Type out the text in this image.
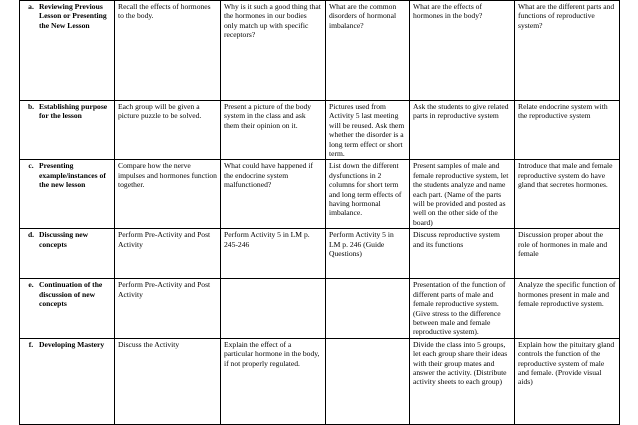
a. Reviewing Previous Lesson or Presenting the New Lesson	Recall the effects of hormones to the body.	Why is it such a good thing that the hormones in our bodies only match up with specific receptors?	What are the common disorders of hormonal imbalance?	What are the effects of hormones in the body?	What are the different parts and functions of reproductive system?

b. Establishing purpose for the lesson	Each group will be given a picture puzzle to be solved.	Present a picture of the body system in the class and ask them their opinion on it.	Pictures used from Activity 5 last meeting will be reused. Ask them whether the disorder is a long term effect or short term.	Ask the students to give related parts in reproductive system	Relate endocrine system with the reproductive system

c. Presenting example/instances of the new lesson	Compare how the nerve impulses and hormones function together.	What could have happened if the endocrine system malfunctioned?	List down the different dysfunctions in 2 columns for short term and long term effects of having hormonal imbalance.	Present samples of male and female reproductive system, let the students analyze and name each part. (Name of the parts will be provided and posted as well on the other side of the board)	Introduce that male and female reproductive system do have gland that secretes hormones.

d. Discussing new concepts	Perform Pre-Activity and Post Activity	Perform Activity 5 in LM p. 245-246	Perform Activity 5 in LM p. 246 (Guide Questions)	Discuss reproductive system and its functions	Discussion proper about the role of hormones in male and female

e. Continuation of the discussion of new concepts	Perform Pre-Activity and Post Activity			Presentation of the function of different parts of male and female reproductive system. (Give stress to the difference between male and female reproductive system).	Analyze the specific function of hormones present in male and female reproductive system.

f. Developing Mastery	Discuss the Activity	Explain the effect of a particular hormone in the body, if not properly regulated.		Divide the class into 5 groups, let each group share their ideas with their group mates and answer the activity. (Distribute activity sheets to each group)	Explain how the pituitary gland controls the function of the reproductive system of male and female. (Provide visual aids)
